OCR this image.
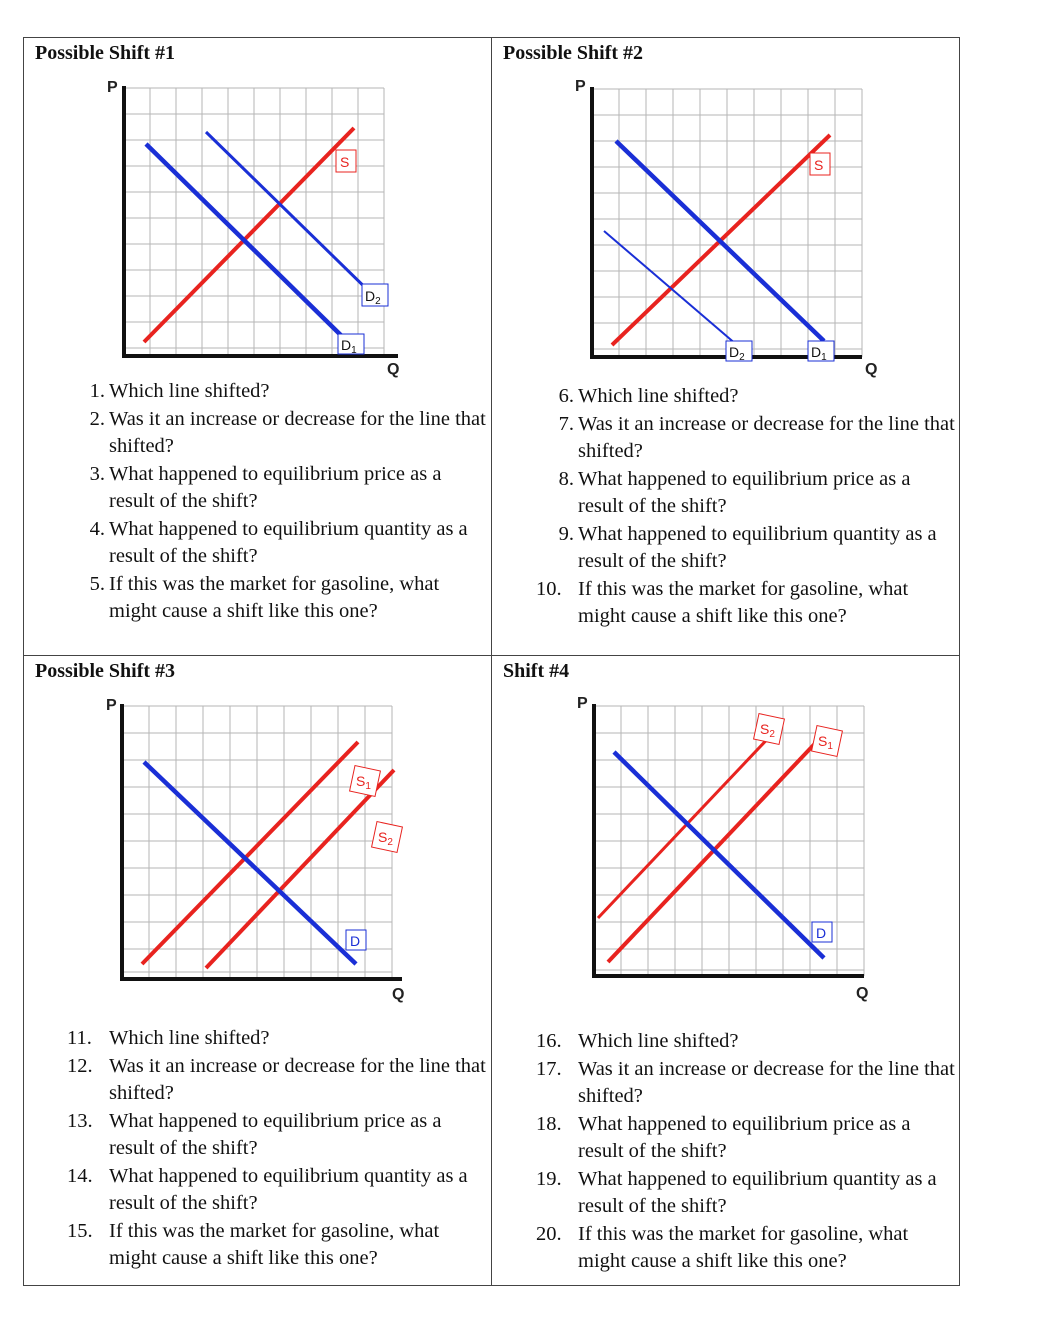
Possible Shift #1
P
Q
S
$D_2$
$D_1$
1. Which line shifted?
2. Was it an increase or decrease for the line that shifted?
3. What happened to equilibrium price as a result of the shift?
4. What happened to equilibrium quantity as a result of the shift?
5. If this was the market for gasoline, what might cause a shift like this one?
Possible Shift #2
P
Q
S
$D_2$	$D_1$
6. Which line shifted?
7. Was it an increase or decrease for the line that shifted?
8. What happened to equilibrium price as a result of the shift?
9. What happened to equilibrium quantity as a result of the shift?
10. If this was the market for gasoline, what might cause a shift like this one?
Possible Shift #3
P
Q
$S_1$
$S_2$
D
11. Which line shifted?
12. Was it an increase or decrease for the line that shifted?
13. What happened to equilibrium price as a result of the shift?
14. What happened to equilibrium quantity as a result of the shift?
15. If this was the market for gasoline, what might cause a shift like this one?
Shift #4
P
Q
$S_2$	$S_1$
D
16. Which line shifted?
17. Was it an increase or decrease for the line that shifted?
18. What happened to equilibrium price as a result of the shift?
19. What happened to equilibrium quantity as a result of the shift?
20. If this was the market for gasoline, what might cause a shift like this one?
